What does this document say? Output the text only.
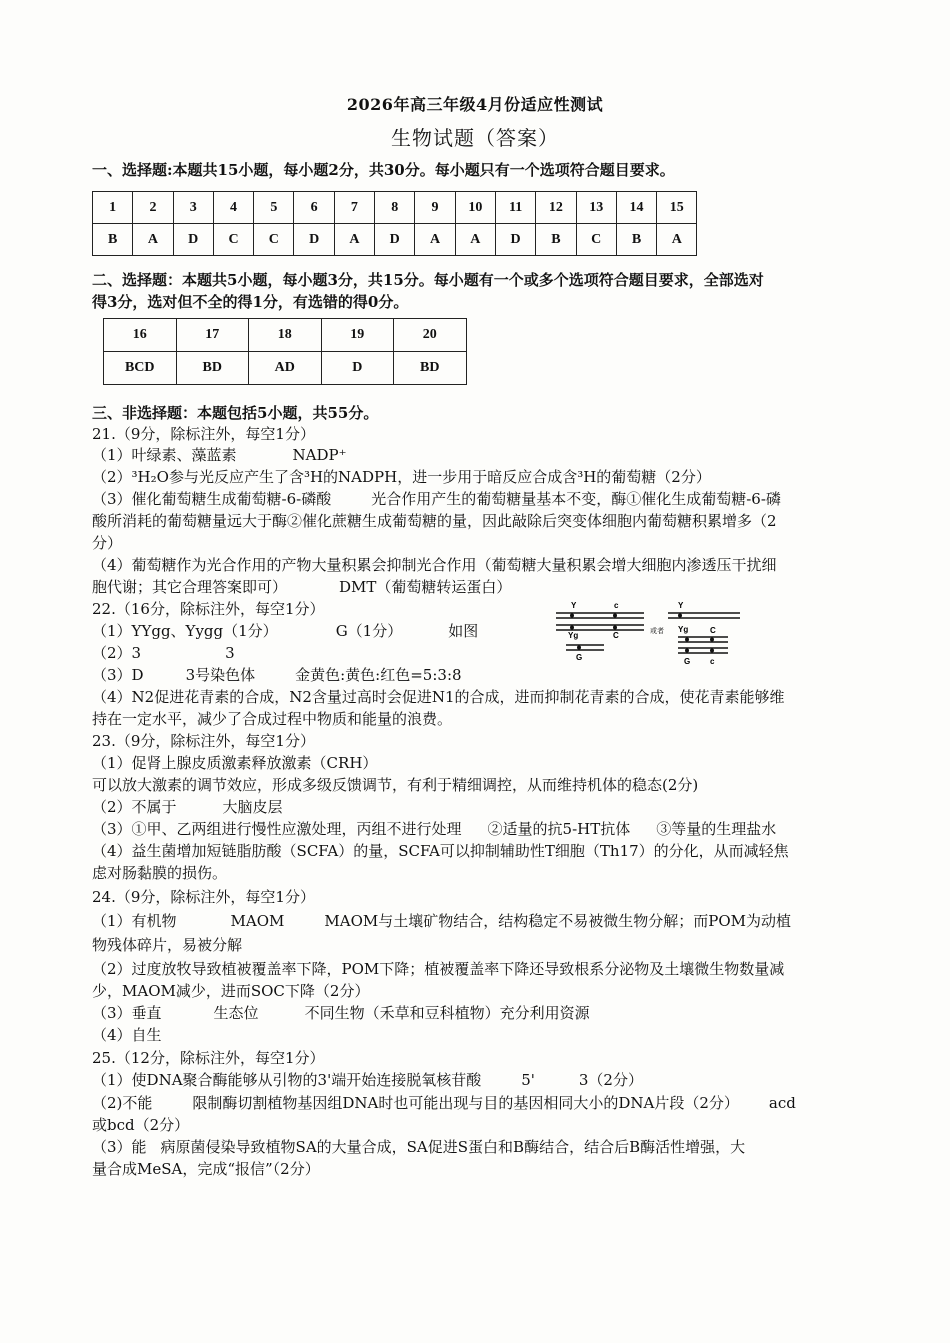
2026年高三年级4月份适应性测试
生物试题（答案）
一、选择题:本题共15小题，每小题2分，共30分。每小题只有一个选项符合题目要求。
1	2	3	4	5	6	7	8	9	10	11	12	13	14	15
B	A	D	C	C	D	A	D	A	A	D	B	C	B	A
二、选择题：本题共5小题，每小题3分，共15分。每小题有一个或多个选项符合题目要求，全部选对
得3分，选对但不全的得1分，有选错的得0分。
16	17	18	19	20
BCD	BD	AD	D	BD
三、非选择题：本题包括5小题，共55分。
21.（9分，除标注外，每空1分）
（1）叶绿素、藻蓝素	NADP⁺
（2）³H₂O参与光反应产生了含³H的NADPH，进一步用于暗反应合成含³H的葡萄糖（2分）
（3）催化葡萄糖生成葡萄糖-6-磷酸	光合作用产生的葡萄糖量基本不变，酶①催化生成葡萄糖-6-磷
酸所消耗的葡萄糖量远大于酶②催化蔗糖生成葡萄糖的量，因此敲除后突变体细胞内葡萄糖积累增多（2
分）
（4）葡萄糖作为光合作用的产物大量积累会抑制光合作用（葡萄糖大量积累会增大细胞内渗透压干扰细
胞代谢；其它合理答案即可）	DMT（葡萄糖转运蛋白）
22.（16分，除标注外，每空1分）
（1）YYgg、Yygg（1分）	G（1分）	如图
（2）3	3
（3）D	3号染色体	金黄色:黄色:红色=5:3:8
（4）N2促进花青素的合成，N2含量过高时会促进N1的合成，进而抑制花青素的合成，使花青素能够维
持在一定水平，减少了合成过程中物质和能量的浪费。
Y	c
Yg	C
G
或者
Y
Yg	C
G c
23.（9分，除标注外，每空1分）
（1）促肾上腺皮质激素释放激素（CRH）
可以放大激素的调节效应，形成多级反馈调节，有利于精细调控，从而维持机体的稳态(2分)
（2）不属于	大脑皮层
（3）①甲、乙两组进行慢性应激处理，丙组不进行处理 ②适量的抗5-HT抗体 ③等量的生理盐水
（4）益生菌增加短链脂肪酸（SCFA）的量，SCFA可以抑制辅助性T细胞（Th17）的分化，从而减轻焦
虑对肠黏膜的损伤。
24.（9分，除标注外，每空1分）
（1）有机物	MAOM	MAOM与土壤矿物结合，结构稳定不易被微生物分解；而POM为动植
物残体碎片，易被分解
（2）过度放牧导致植被覆盖率下降，POM下降；植被覆盖率下降还导致根系分泌物及土壤微生物数量减
少，MAOM减少，进而SOC下降（2分）
（3）垂直	生态位	不同生物（禾草和豆科植物）充分利用资源
（4）自生
25.（12分，除标注外，每空1分）
（1）使DNA聚合酶能够从引物的3'端开始连接脱氧核苷酸	5'	3（2分）
（2)不能	限制酶切割植物基因组DNA时也可能出现与目的基因相同大小的DNA片段（2分） acd
或bcd（2分）
（3）能 病原菌侵染导致植物SA的大量合成，SA促进S蛋白和B酶结合，结合后B酶活性增强，大
量合成MeSA，完成“报信”（2分）
